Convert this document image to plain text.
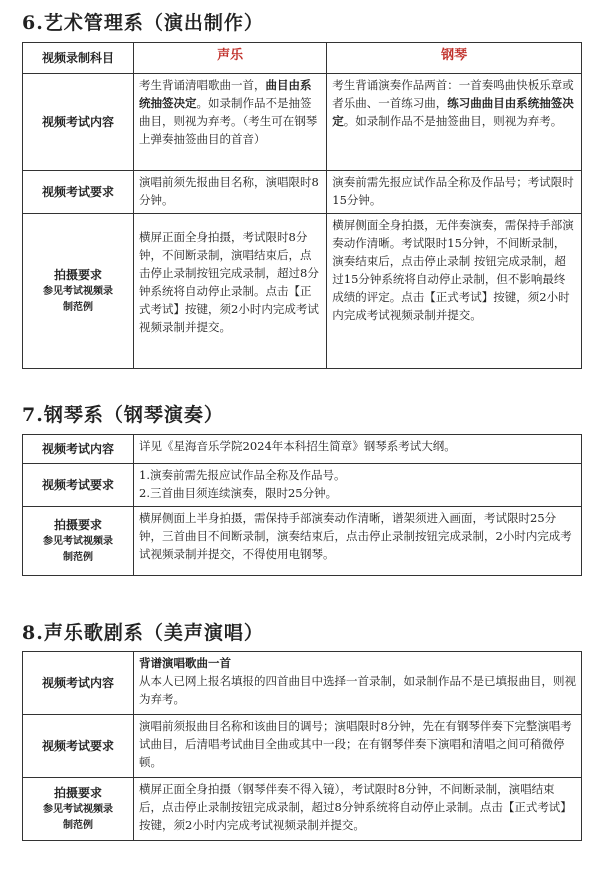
6.艺术管理系（演出制作）
视频录制科目	声乐	钢琴
视频考试内容	考生背诵清唱歌曲一首，曲目由系统抽签决定。如录制作品不是抽签曲目，则视为弃考。（考生可在钢琴上弹奏抽签曲目的首音）	考生背诵演奏作品两首：一首奏鸣曲快板乐章或者乐曲、一首练习曲，练习曲曲目由系统抽签决定。如录制作品不是抽签曲目，则视为弃考。
视频考试要求	演唱前须先报曲目名称，演唱限时8分钟。	演奏前需先报应试作品全称及作品号；考试限时15分钟。
拍摄要求
参见考试视频录
制范例	横屏正面全身拍摄，考试限时8分钟，不间断录制，演唱结束后，点击停止录制按钮完成录制，超过8分钟系统将自动停止录制。点击【正式考试】按键，须2小时内完成考试视频录制并提交。	横屏侧面全身拍摄，无伴奏演奏，需保持手部演奏动作清晰。考试限时15分钟，不间断录制，演奏结束后，点击停止录制 按钮完成录制，超过15分钟系统将自动停止录制，但不影响最终成绩的评定。点击【正式考试】按键，须2小时内完成考试视频录制并提交。
7.钢琴系（钢琴演奏）
视频考试内容	详见《星海音乐学院2024年本科招生简章》钢琴系考试大纲。
视频考试要求	1.演奏前需先报应试作品全称及作品号。
2.三首曲目须连续演奏，限时25分钟。

拍摄要求
参见考试视频录
制范例	横屏侧面上半身拍摄，需保持手部演奏动作清晰，谱架须进入画面，考试限时25分钟，三首曲目不间断录制，演奏结束后，点击停止录制按钮完成录制，2小时内完成考试视频录制并提交，不得使用电钢琴。
8.声乐歌剧系（美声演唱）
视频考试内容	背谱演唱歌曲一首
从本人已网上报名填报的四首曲目中选择一首录制，如录制作品不是已填报曲目，则视为弃考。

视频考试要求	演唱前须报曲目名称和该曲目的调号；演唱限时8分钟，先在有钢琴伴奏下完整演唱考试曲目，后清唱考试曲目全曲或其中一段；在有钢琴伴奏下演唱和清唱之间可稍微停顿。
拍摄要求
参见考试视频录
制范例	横屏正面全身拍摄（钢琴伴奏不得入镜），考试限时8分钟，不间断录制，演唱结束后，点击停止录制按钮完成录制，超过8分钟系统将自动停止录制。点击【正式考试】按键，须2小时内完成考试视频录制并提交。
